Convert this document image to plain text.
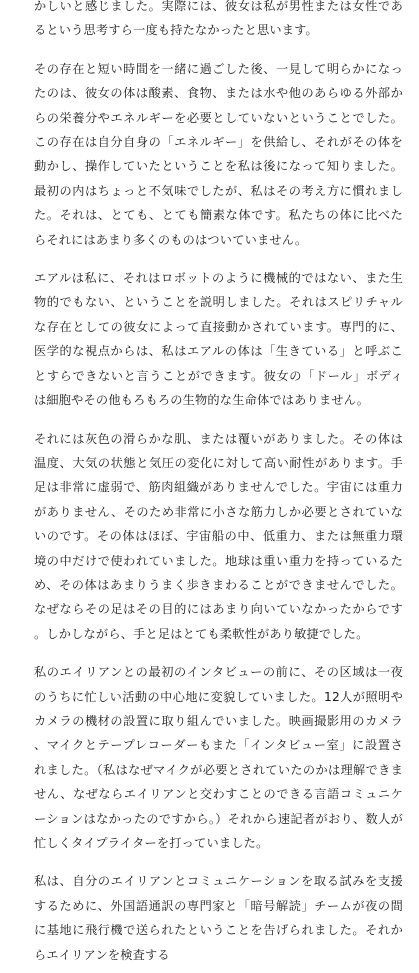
かしいと感じました。実際には、彼女は私が男性または女性であるという思考すら一度も持たなかったと思います。

その存在と短い時間を一緒に過ごした後、一見して明らかになったのは、彼女の体は酸素、食物、または水や他のあらゆる外部からの栄養分やエネルギーを必要としていないということでした。この存在は自分自身の「エネルギー」を供給し、それがその体を動かし、操作していたということを私は後になって知りました。最初の内はちょっと不気味でしたが、私はその考え方に慣れました。それは、とても、とても簡素な体です。私たちの体に比べたらそれにはあまり多くのものはついていません。

エアルは私に、それはロボットのように機械的ではない、また生物的でもない、ということを説明しました。それはスピリチャルな存在としての彼女によって直接動かされています。専門的に、医学的な視点からは、私はエアルの体は「生きている」と呼ぶことすらできないと言うことができます。彼女の「ドール」ボディは細胞やその他もろもろの生物的な生命体ではありません。

それには灰色の滑らかな肌、または覆いがありました。その体は温度、大気の状態と気圧の変化に対して高い耐性があります。手足は非常に虚弱で、筋肉組織がありませんでした。宇宙には重力がありません、そのため非常に小さな筋力しか必要とされていないのです。その体はほぼ、宇宙船の中、低重力、または無重力環境の中だけで使われていました。地球は重い重力を持っているため、その体はあまりうまく歩きまわることができませんでした。なぜならその足はその目的にはあまり向いていなかったからです。しかしながら、手と足はとても柔軟性があり敏捷でした。

私のエイリアンとの最初のインタビューの前に、その区域は一夜のうちに忙しい活動の中心地に変貌していました。12人が照明やカメラの機材の設置に取り組んでいました。映画撮影用のカメラ、マイクとテープレコーダーもまた「インタビュー室」に設置されました。（私はなぜマイクが必要とされていたのかは理解できません、なぜならエイリアンと交わすことのできる言語コミュニケーションはなかったのですから。）それから速記者がおり、数人が忙しくタイプライターを打っていました。

私は、自分のエイリアンとコミュニケーションを取る試みを支援するために、外国語通訳の専門家と「暗号解読」チームが夜の間に基地に飛行機で送られたということを告げられました。それからエイリアンを検査する
